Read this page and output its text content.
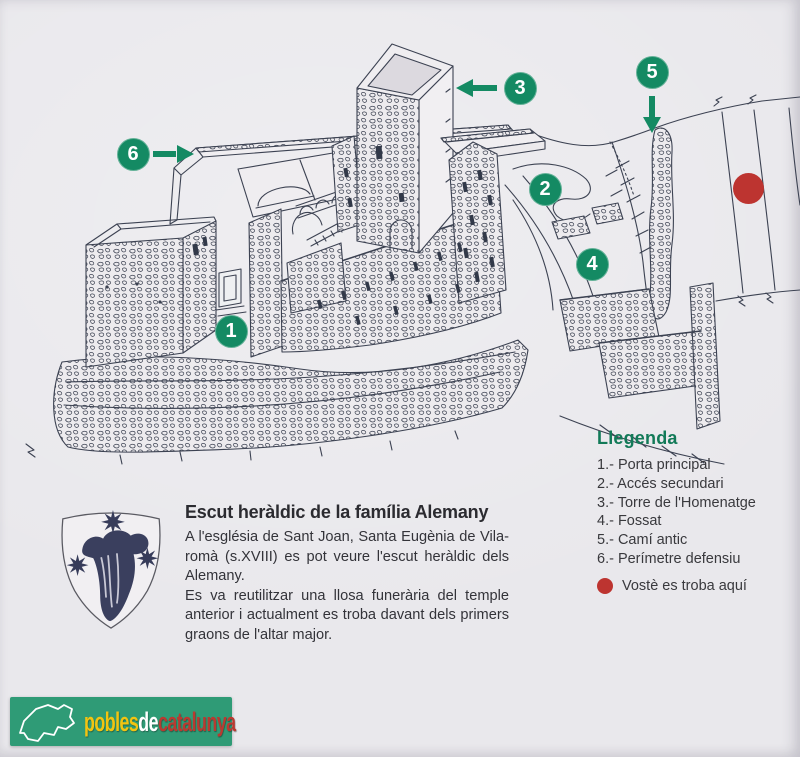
1
2
3
4
5
6
Llegenda
1.- Porta principal
2.- Accés secundari
3.- Torre de l'Homenatge
4.- Fossat
5.- Camí antic
6.- Perímetre defensiu
Vostè es troba aquí
Escut heràldic de la família Alemany

A l'església de Sant Joan, Santa Eugènia de Vila-romà (s.XVIII) es pot veure l'escut heràldic dels Alemany.

Es va reutilitzar una llosa funerària del temple anterior i actualment es troba davant dels primers graons de l'altar major.

pobles de catalunya
